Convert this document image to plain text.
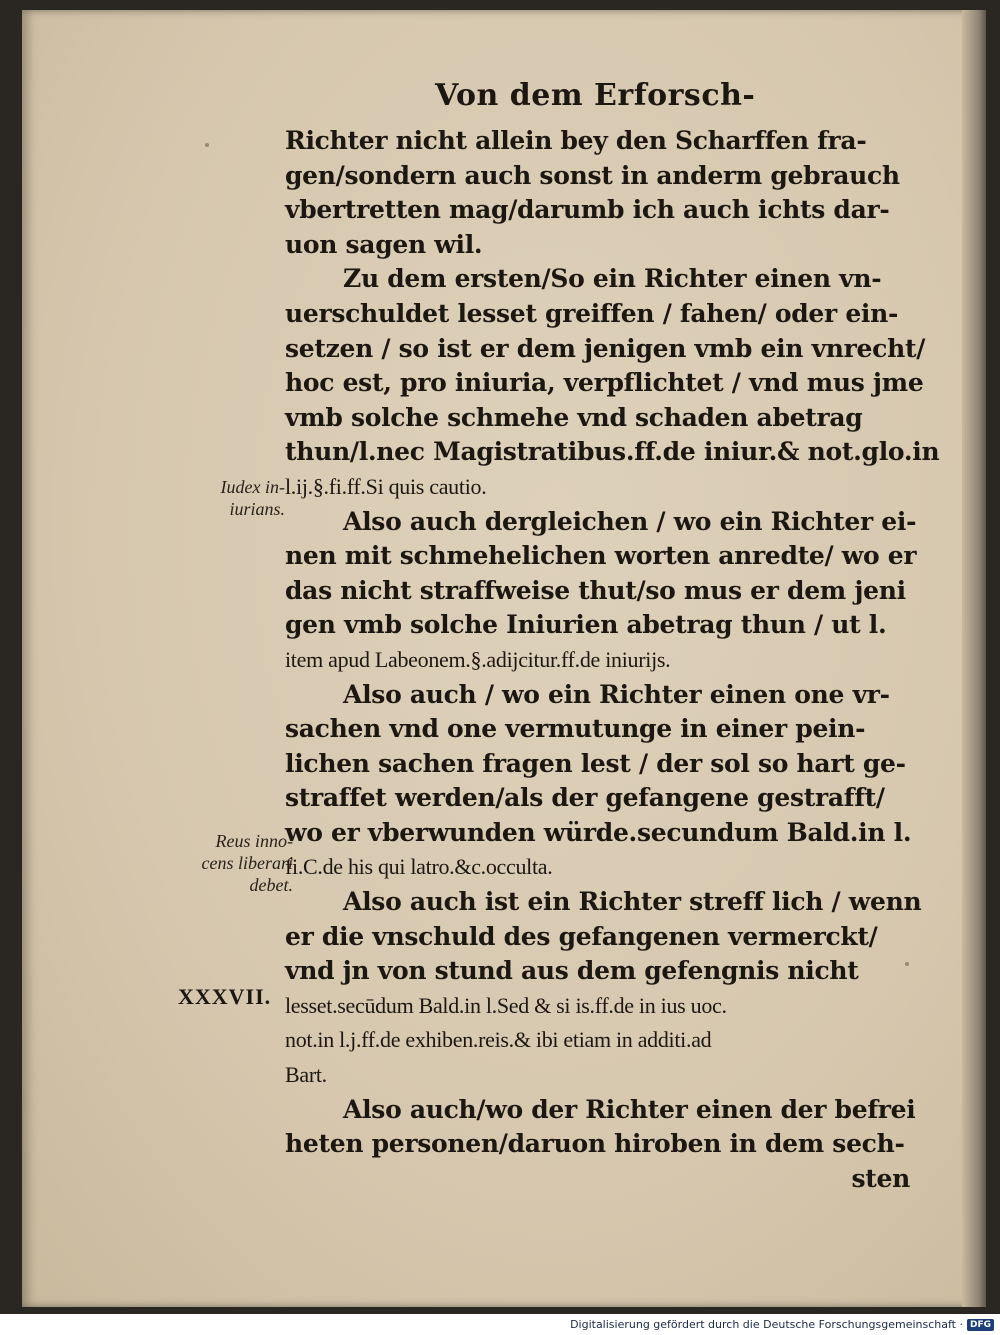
Von dem Erforsch-
Richter nicht allein bey den Scharffen fra-
gen/sondern auch sonst in anderm gebrauch
vbertretten mag/darumb ich auch ichts dar-
uon sagen wil.
Zu dem ersten/So ein Richter einen vn-
uerschuldet lesset greiffen / fahen/ oder ein-
setzen / so ist er dem jenigen vmb ein vnrecht/
hoc est, pro iniuria, verpflichtet / vnd mus jme
vmb solche schmehe vnd schaden abetrag
thun/l.nec Magistratibus.ff.de iniur.& not.glo.in
l.ij.§.fi.ff.Si quis cautio.
Also auch dergleichen / wo ein Richter ei-
nen mit schmehelichen worten anredte/ wo er
das nicht straffweise thut/so mus er dem jeni
gen vmb solche Iniurien abetrag thun / ut l.
item apud Labeonem.§.adijcitur.ff.de iniurijs.
Also auch / wo ein Richter einen one vr-
sachen vnd one vermutunge in einer pein-
lichen sachen fragen lest / der sol so hart ge-
straffet werden/als der gefangene gestrafft/
wo er vberwunden würde.secundum Bald.in l.
fi.C.de his qui latro.&c.occulta.
Also auch ist ein Richter streff lich / wenn
er die vnschuld des gefangenen vermerckt/
vnd jn von stund aus dem gefengnis nicht
lesset.secūdum Bald.in l.Sed & si is.ff.de in ius uoc.
not.in l.j.ff.de exhiben.reis.& ibi etiam in additi.ad
Bart.
Also auch/wo der Richter einen der befrei
heten personen/daruon hiroben in dem sech-
sten
Iudex in-
iurians.
Reus inno-
cens liberari
debet.
XXXVII.
Digitalisierung gefördert durch die Deutsche Forschungsgemeinschaft · DFG
